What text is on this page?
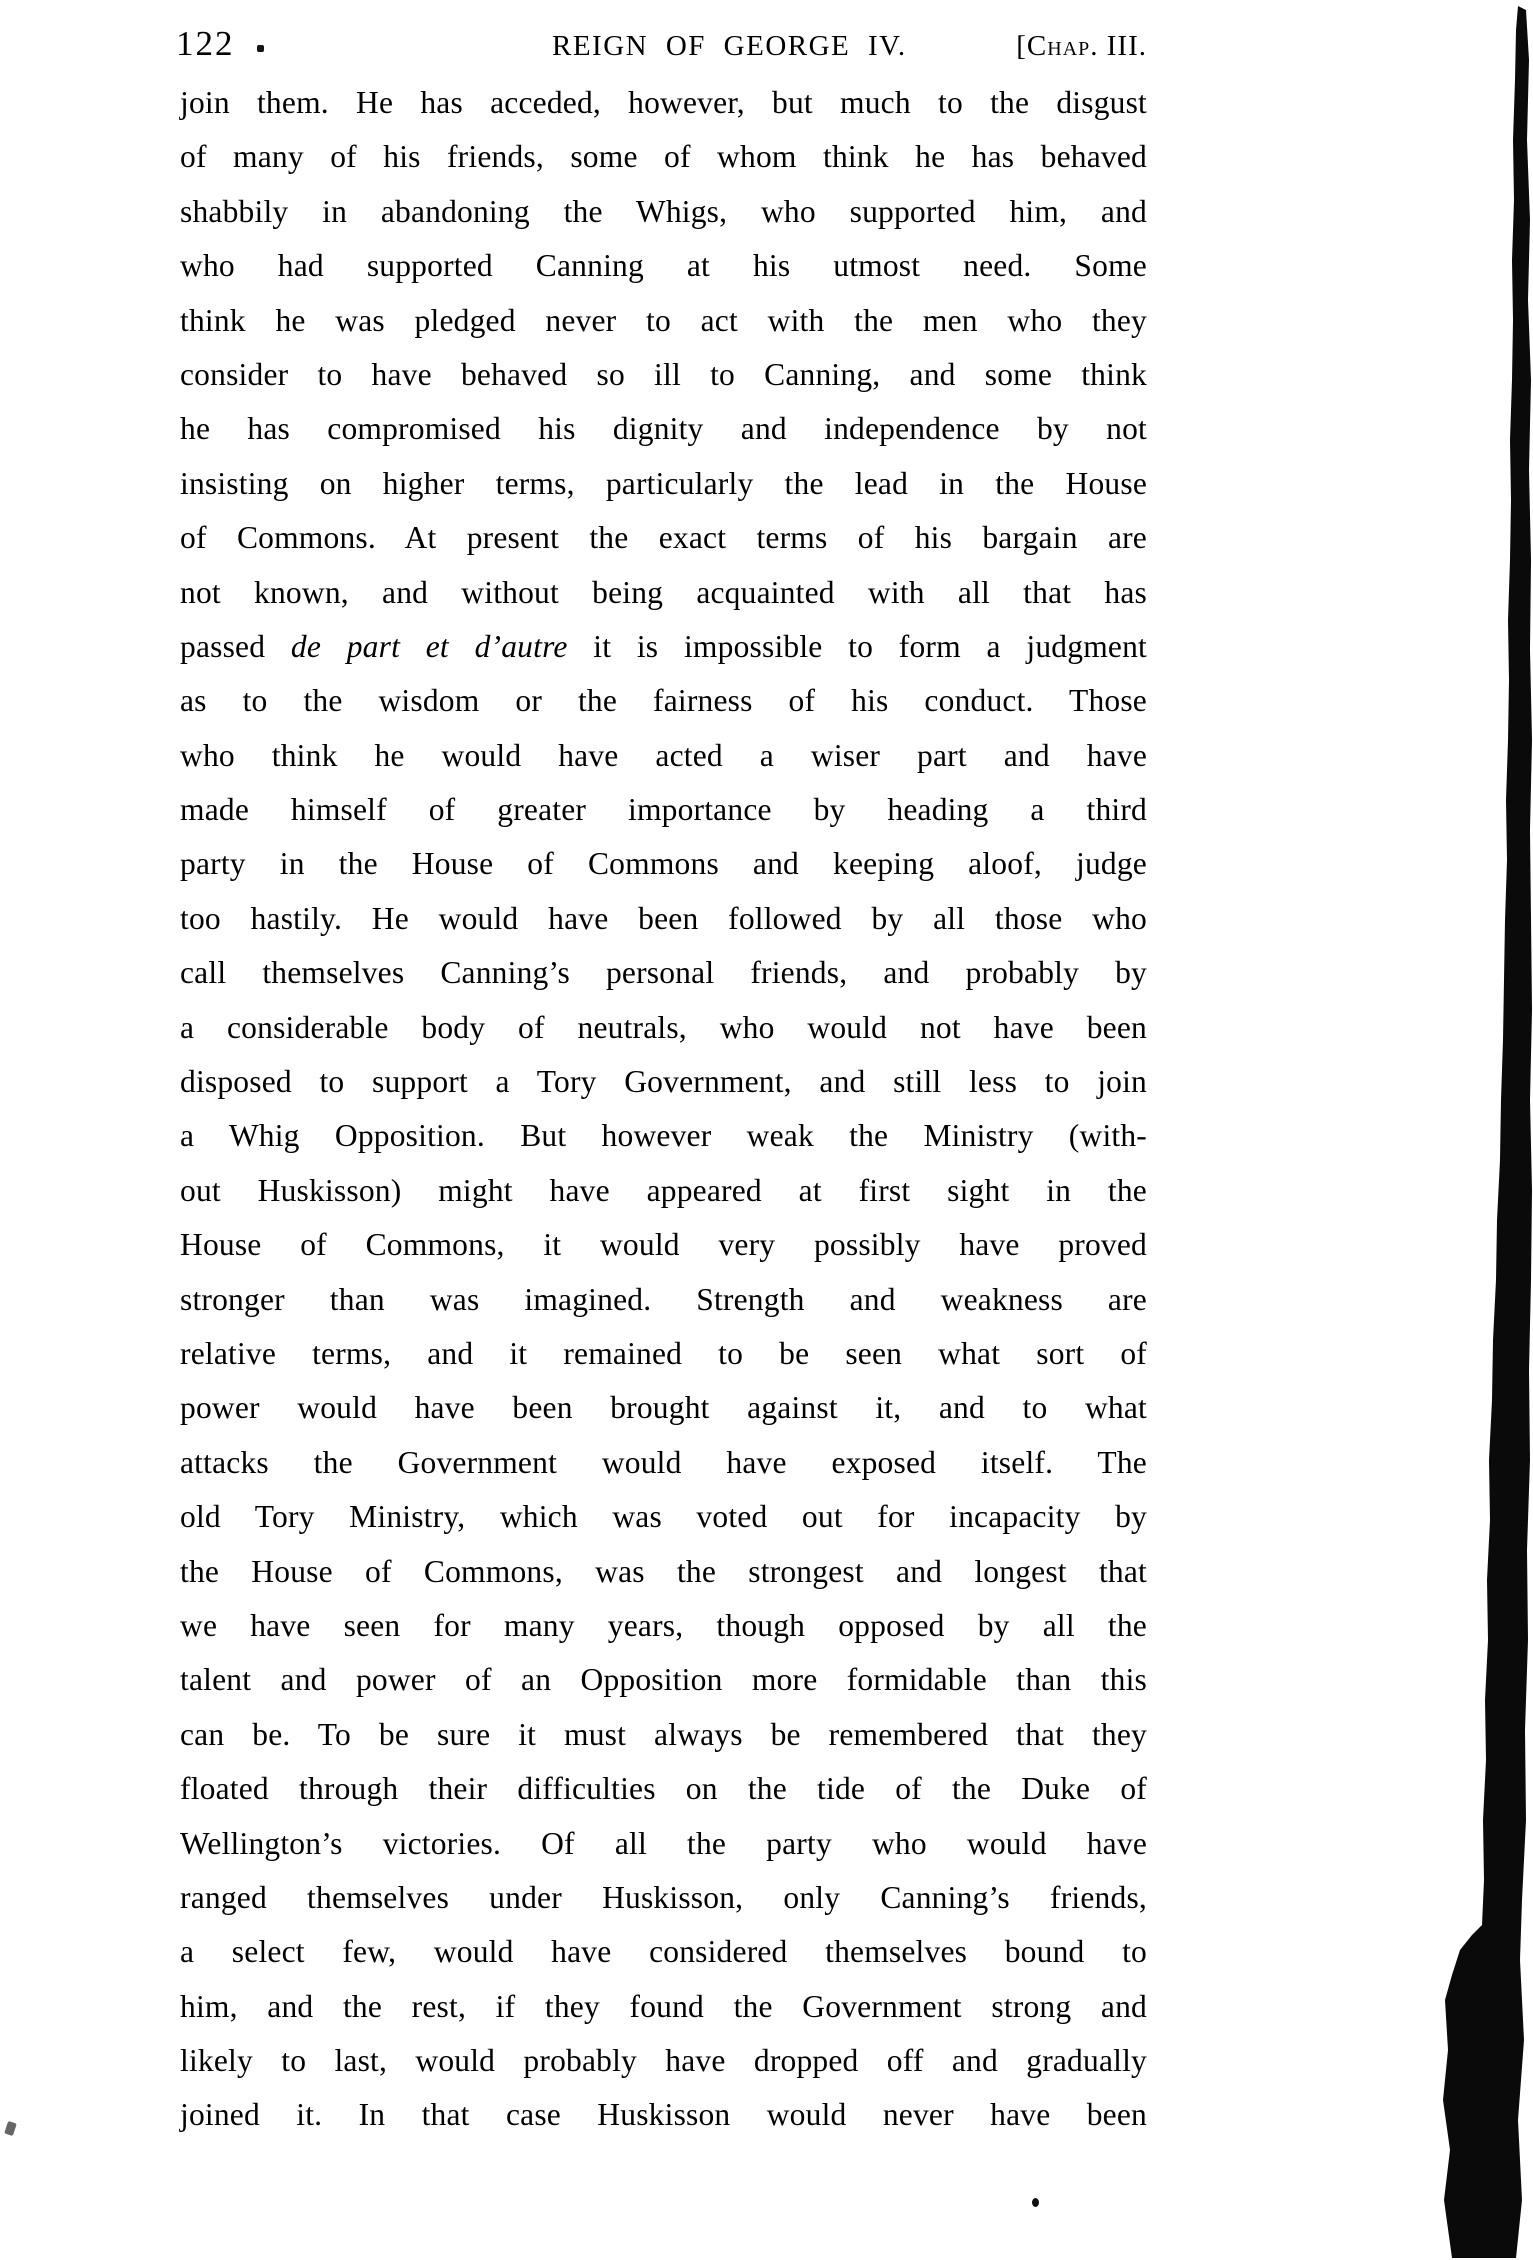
122	REIGN OF GEORGE IV.	[Chap. III.
join them. He has acceded, however, but much to the disgust
of many of his friends, some of whom think he has behaved
shabbily in abandoning the Whigs, who supported him, and
who had supported Canning at his utmost need. Some
think he was pledged never to act with the men who they
consider to have behaved so ill to Canning, and some think
he has compromised his dignity and independence by not
insisting on higher terms, particularly the lead in the House
of Commons. At present the exact terms of his bargain are
not known, and without being acquainted with all that has
passed de part et d’autre it is impossible to form a judgment
as to the wisdom or the fairness of his conduct. Those
who think he would have acted a wiser part and have
made himself of greater importance by heading a third
party in the House of Commons and keeping aloof, judge
too hastily. He would have been followed by all those who
call themselves Canning’s personal friends, and probably by
a considerable body of neutrals, who would not have been
disposed to support a Tory Government, and still less to join
a Whig Opposition. But however weak the Ministry (with-
out Huskisson) might have appeared at first sight in the
House of Commons, it would very possibly have proved
stronger than was imagined. Strength and weakness are
relative terms, and it remained to be seen what sort of
power would have been brought against it, and to what
attacks the Government would have exposed itself. The
old Tory Ministry, which was voted out for incapacity by
the House of Commons, was the strongest and longest that
we have seen for many years, though opposed by all the
talent and power of an Opposition more formidable than this
can be. To be sure it must always be remembered that they
floated through their difficulties on the tide of the Duke of
Wellington’s victories. Of all the party who would have
ranged themselves under Huskisson, only Canning’s friends,
a select few, would have considered themselves bound to
him, and the rest, if they found the Government strong and
likely to last, would probably have dropped off and gradually
joined it. In that case Huskisson would never have been
